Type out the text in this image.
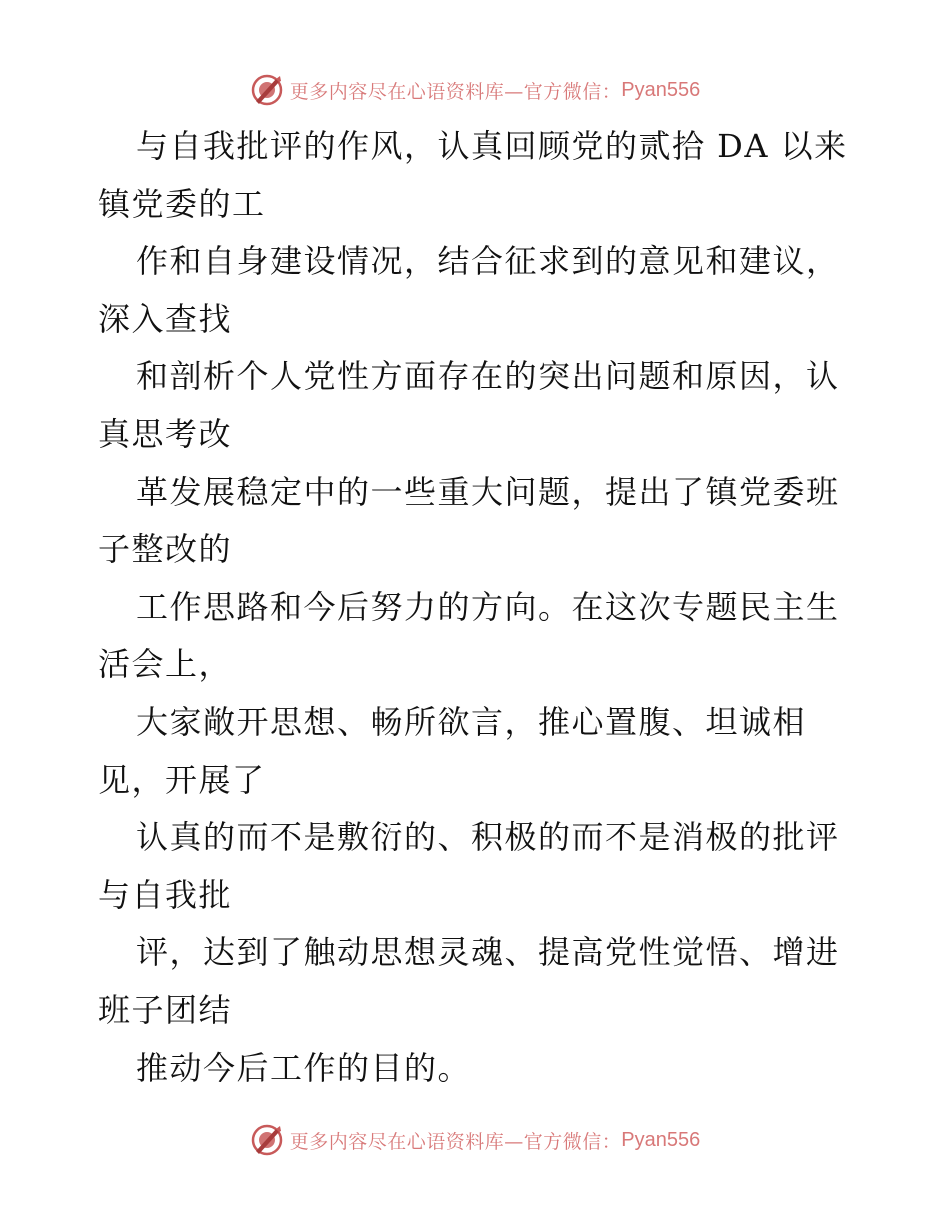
更多内容尽在心语资料库—官方微信： Pyan556
与自我批评的作风，认真回顾党的贰拾 DA 以来
镇党委的工
作和自身建设情况，结合征求到的意见和建议，
深入查找
和剖析个人党性方面存在的突出问题和原因，认
真思考改
革发展稳定中的一些重大问题，提出了镇党委班
子整改的
工作思路和今后努力的方向。在这次专题民主生
活会上，
大家敞开思想、畅所欲言，推心置腹、坦诚相
见，开展了
认真的而不是敷衍的、积极的而不是消极的批评
与自我批
评，达到了触动思想灵魂、提高党性觉悟、增进
班子团结
推动今后工作的目的。
更多内容尽在心语资料库—官方微信： Pyan556
